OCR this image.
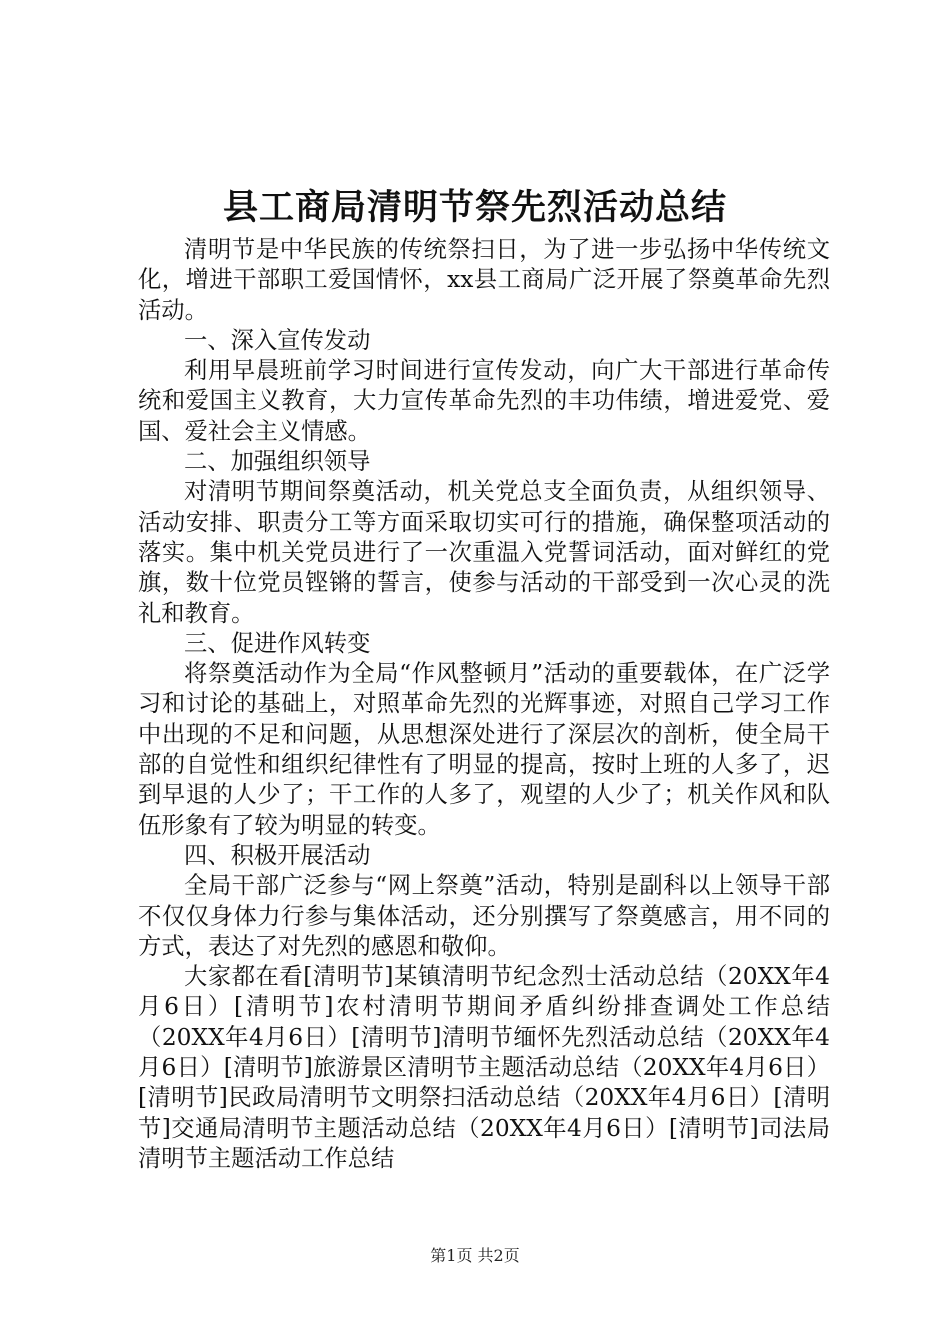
县工商局清明节祭先烈活动总结

清明节是中华民族的传统祭扫日，为了进一步弘扬中华传统文化，增进干部职工爱国情怀，xx县工商局广泛开展了祭奠革命先烈活动。

一、深入宣传发动

利用早晨班前学习时间进行宣传发动，向广大干部进行革命传统和爱国主义教育，大力宣传革命先烈的丰功伟绩，增进爱党、爱国、爱社会主义情感。

二、加强组织领导

对清明节期间祭奠活动，机关党总支全面负责，从组织领导、活动安排、职责分工等方面采取切实可行的措施，确保整项活动的落实。集中机关党员进行了一次重温入党誓词活动，面对鲜红的党旗，数十位党员铿锵的誓言，使参与活动的干部受到一次心灵的洗礼和教育。

三、促进作风转变

将祭奠活动作为全局“作风整顿月”活动的重要载体，在广泛学习和讨论的基础上，对照革命先烈的光辉事迹，对照自己学习工作中出现的不足和问题，从思想深处进行了深层次的剖析，使全局干部的自觉性和组织纪律性有了明显的提高，按时上班的人多了，迟到早退的人少了；干工作的人多了，观望的人少了；机关作风和队伍形象有了较为明显的转变。

四、积极开展活动

全局干部广泛参与“网上祭奠”活动，特别是副科以上领导干部不仅仅身体力行参与集体活动，还分别撰写了祭奠感言，用不同的方式，表达了对先烈的感恩和敬仰。

大家都在看[清明节]某镇清明节纪念烈士活动总结（20XX年4月6日）[清明节]农村清明节期间矛盾纠纷排查调处工作总结（20XX年4月6日）[清明节]清明节缅怀先烈活动总结（20XX年4月6日）[清明节]旅游景区清明节主题活动总结（20XX年4月6日）[清明节]民政局清明节文明祭扫活动总结（20XX年4月6日）[清明节]交通局清明节主题活动总结（20XX年4月6日）[清明节]司法局清明节主题活动工作总结

第1页 共2页
